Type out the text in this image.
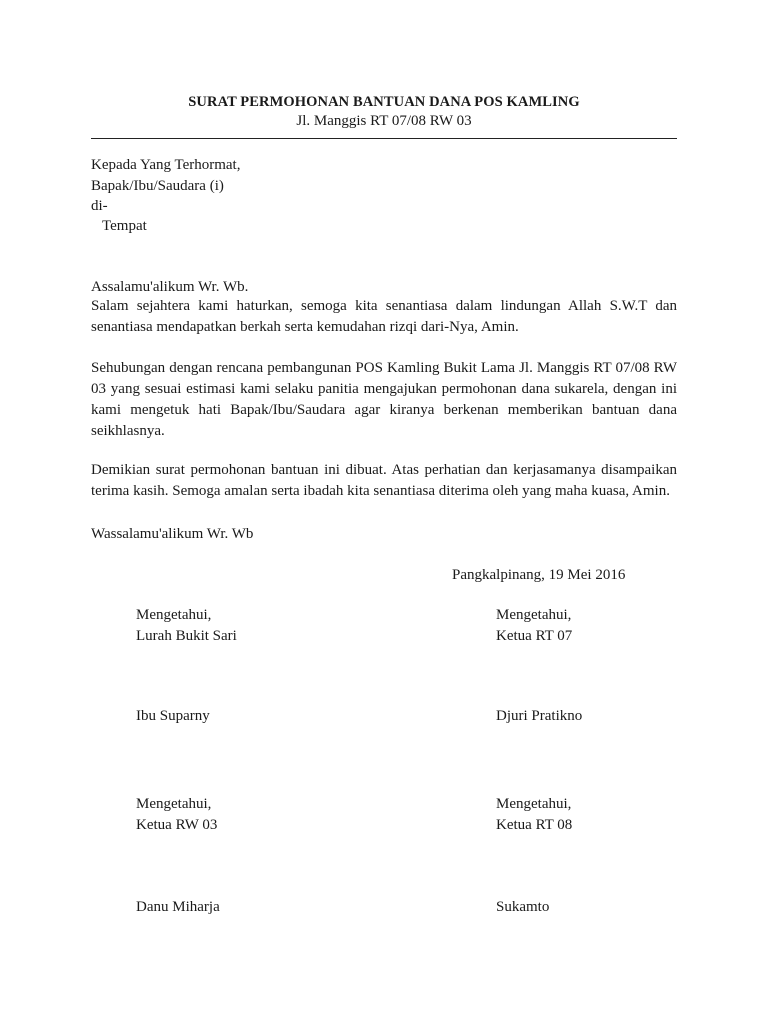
SURAT PERMOHONAN BANTUAN DANA POS KAMLING
Jl. Manggis RT 07/08 RW 03
Kepada Yang Terhormat,
Bapak/Ibu/Saudara (i)
di-
Tempat
Assalamu'alikum Wr. Wb.
Salam sejahtera kami haturkan, semoga kita senantiasa dalam lindungan Allah S.W.T dan
senantiasa mendapatkan berkah serta kemudahan rizqi dari-Nya, Amin.
Sehubungan dengan rencana pembangunan POS Kamling Bukit Lama Jl. Manggis RT 07/08 RW
03 yang sesuai estimasi kami selaku panitia mengajukan permohonan dana sukarela, dengan ini
kami mengetuk hati Bapak/Ibu/Saudara agar kiranya berkenan memberikan bantuan dana
seikhlasnya.
Demikian surat permohonan bantuan ini dibuat. Atas perhatian dan kerjasamanya disampaikan
terima kasih. Semoga amalan serta ibadah kita senantiasa diterima oleh yang maha kuasa, Amin.
Wassalamu'alikum Wr. Wb
Pangkalpinang, 19 Mei 2016
Mengetahui,
Lurah Bukit Sari
Ibu Suparny
Mengetahui,
Ketua RT 07
Djuri Pratikno
Mengetahui,
Ketua RW 03
Danu Miharja
Mengetahui,
Ketua RT 08
Sukamto
